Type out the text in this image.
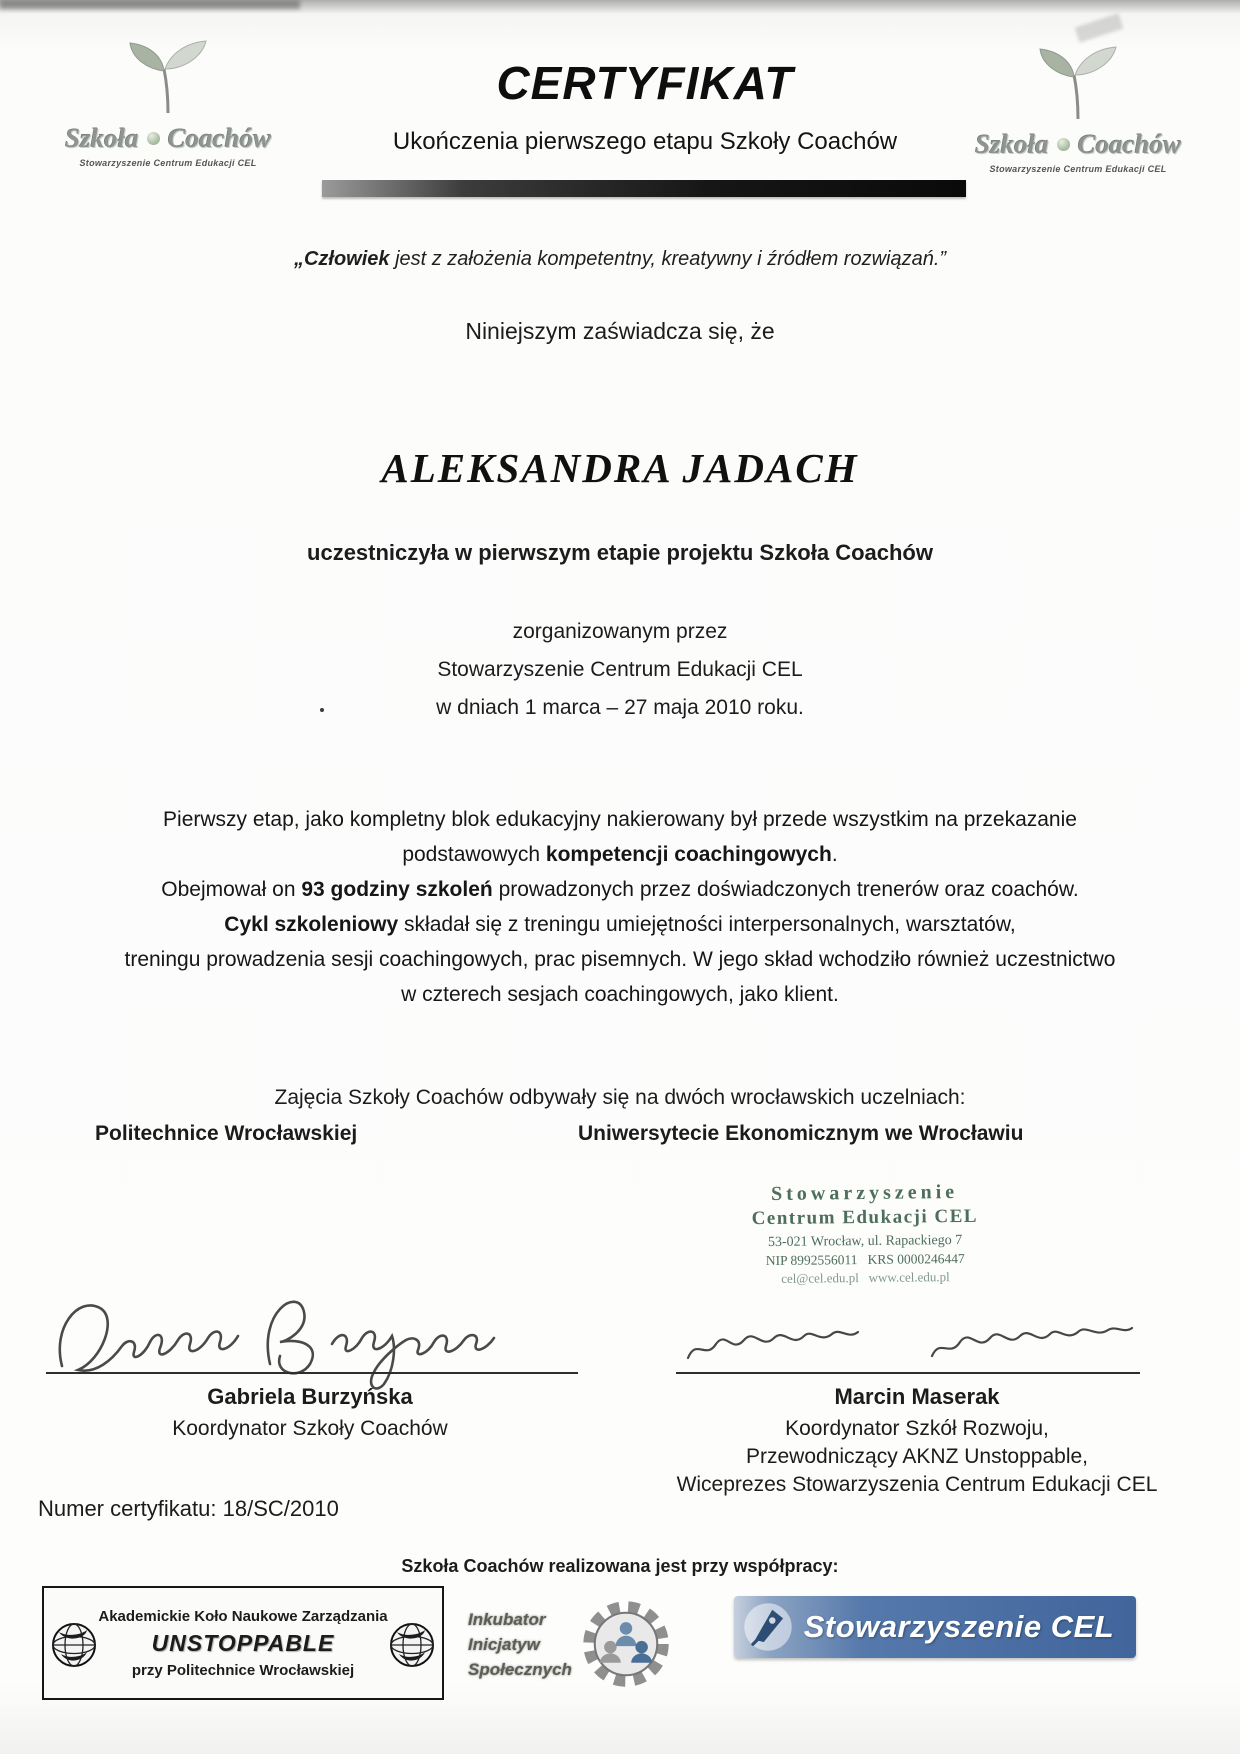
Szkoła Coachów
Stowarzyszenie Centrum Edukacji CEL
Szkoła Coachów
Stowarzyszenie Centrum Edukacji CEL
CERTYFIKAT
Ukończenia pierwszego etapu Szkoły Coachów
„Człowiek jest z założenia kompetentny, kreatywny i źródłem rozwiązań.”
Niniejszym zaświadcza się, że
ALEKSANDRA JADACH
uczestniczyła w pierwszym etapie projektu Szkoła Coachów
zorganizowanym przez
Stowarzyszenie Centrum Edukacji CEL
w dniach 1 marca – 27 maja 2010 roku.
Pierwszy etap, jako kompletny blok edukacyjny nakierowany był przede wszystkim na przekazanie
podstawowych kompetencji coachingowych.
Obejmował on 93 godziny szkoleń prowadzonych przez doświadczonych trenerów oraz coachów.
Cykl szkoleniowy składał się z treningu umiejętności interpersonalnych, warsztatów,
treningu prowadzenia sesji coachingowych, prac pisemnych. W jego skład wchodziło również uczestnictwo
w czterech sesjach coachingowych, jako klient.
Zajęcia Szkoły Coachów odbywały się na dwóch wrocławskich uczelniach:
Politechnice Wrocławskiej	Uniwersytecie Ekonomicznym we Wrocławiu
Stowarzyszenie
Centrum Edukacji CEL
53-021 Wrocław, ul. Rapackiego 7
NIP 8992556011   KRS 0000246447
cel@cel.edu.pl   www.cel.edu.pl
Gabriela Burzyńska
Koordynator Szkoły Coachów
Marcin Maserak
Koordynator Szkół Rozwoju,
Przewodniczący AKNZ Unstoppable,
Wiceprezes Stowarzyszenia Centrum Edukacji CEL
Numer certyfikatu: 18/SC/2010
Szkoła Coachów realizowana jest przy współpracy:
Akademickie Koło Naukowe Zarządzania
UNSTOPPABLE
przy Politechnice Wrocławskiej
Inkubator
Inicjatyw
Społecznych
Stowarzyszenie CEL
